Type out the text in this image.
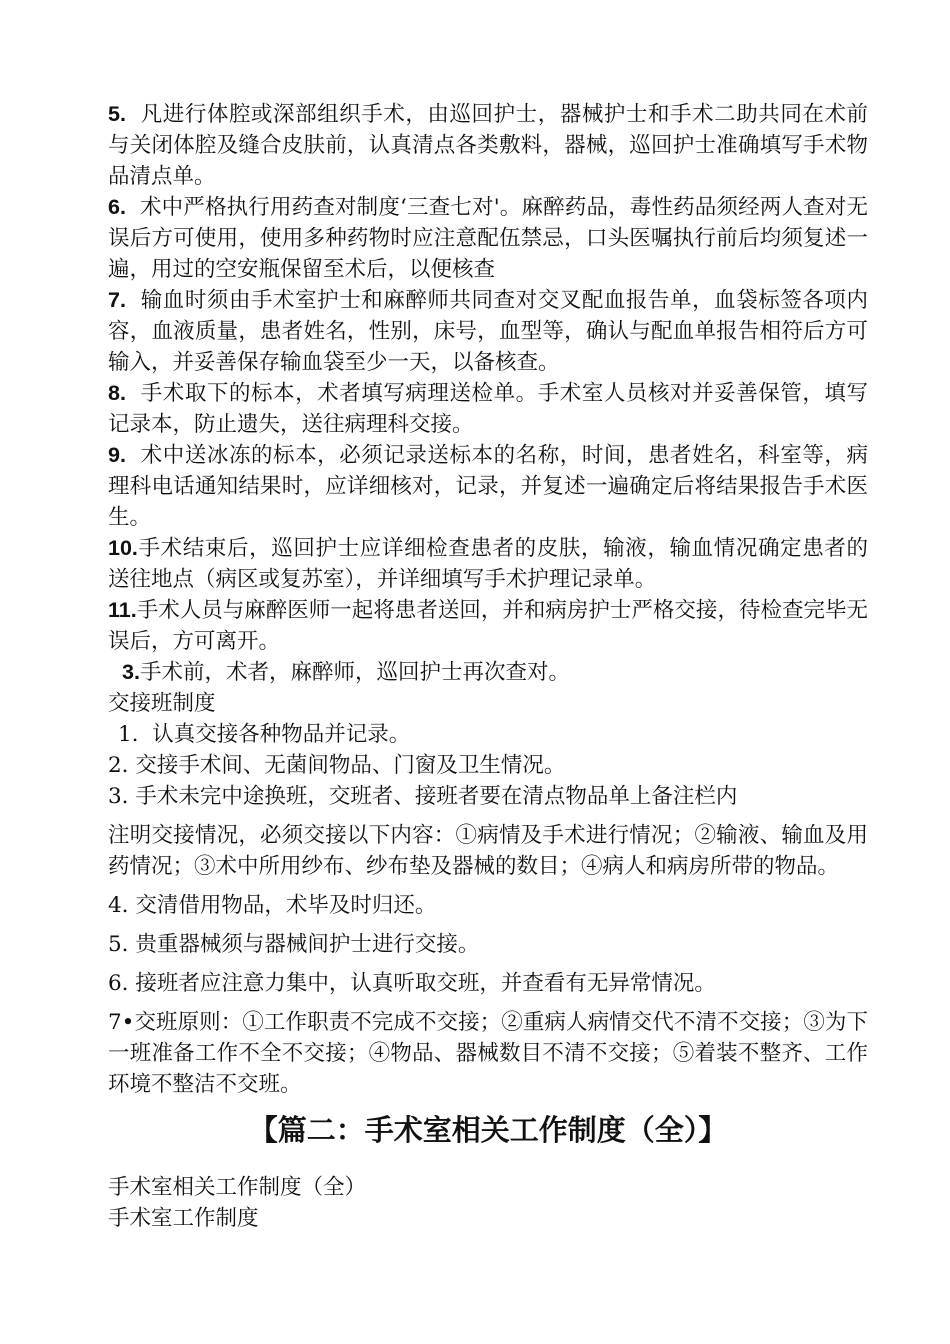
5. 凡进行体腔或深部组织手术，由巡回护士，器械护士和手术二助共同在术前与关闭体腔及缝合皮肤前，认真清点各类敷料，器械，巡回护士准确填写手术物品清点单。

6. 术中严格执行用药查对制度‘三查七对'。麻醉药品，毒性药品须经两人查对无误后方可使用，使用多种药物时应注意配伍禁忌，口头医嘱执行前后均须复述一遍，用过的空安瓶保留至术后，以便核查

7. 输血时须由手术室护士和麻醉师共同查对交叉配血报告单，血袋标签各项内容，血液质量，患者姓名，性别，床号，血型等，确认与配血单报告相符后方可输入，并妥善保存输血袋至少一天，以备核查。

8. 手术取下的标本，术者填写病理送检单。手术室人员核对并妥善保管，填写记录本，防止遗失，送往病理科交接。

9. 术中送冰冻的标本，必须记录送标本的名称，时间，患者姓名，科室等，病理科电话通知结果时，应详细核对，记录，并复述一遍确定后将结果报告手术医生。

10.手术结束后，巡回护士应详细检查患者的皮肤，输液，输血情况确定患者的送往地点（病区或复苏室），并详细填写手术护理记录单。

11.手术人员与麻醉医师一起将患者送回，并和病房护士严格交接，待检查完毕无误后，方可离开。

3.手术前，术者，麻醉师，巡回护士再次查对。

交接班制度

1. 认真交接各种物品并记录。

2. 交接手术间、无菌间物品、门窗及卫生情况。

3. 手术未完中途换班，交班者、接班者要在清点物品单上备注栏内

注明交接情况，必须交接以下内容：①病情及手术进行情况；②输液、输血及用药情况；③术中所用纱布、纱布垫及器械的数目；④病人和病房所带的物品。

4. 交清借用物品，术毕及时归还。

5. 贵重器械须与器械间护士进行交接。

6. 接班者应注意力集中，认真听取交班，并查看有无异常情况。

7•交班原则：①工作职责不完成不交接；②重病人病情交代不清不交接；③为下一班准备工作不全不交接；④物品、器械数目不清不交接；⑤着装不整齐、工作环境不整洁不交班。

【篇二：手术室相关工作制度（全）】

手术室相关工作制度（全）

手术室工作制度
